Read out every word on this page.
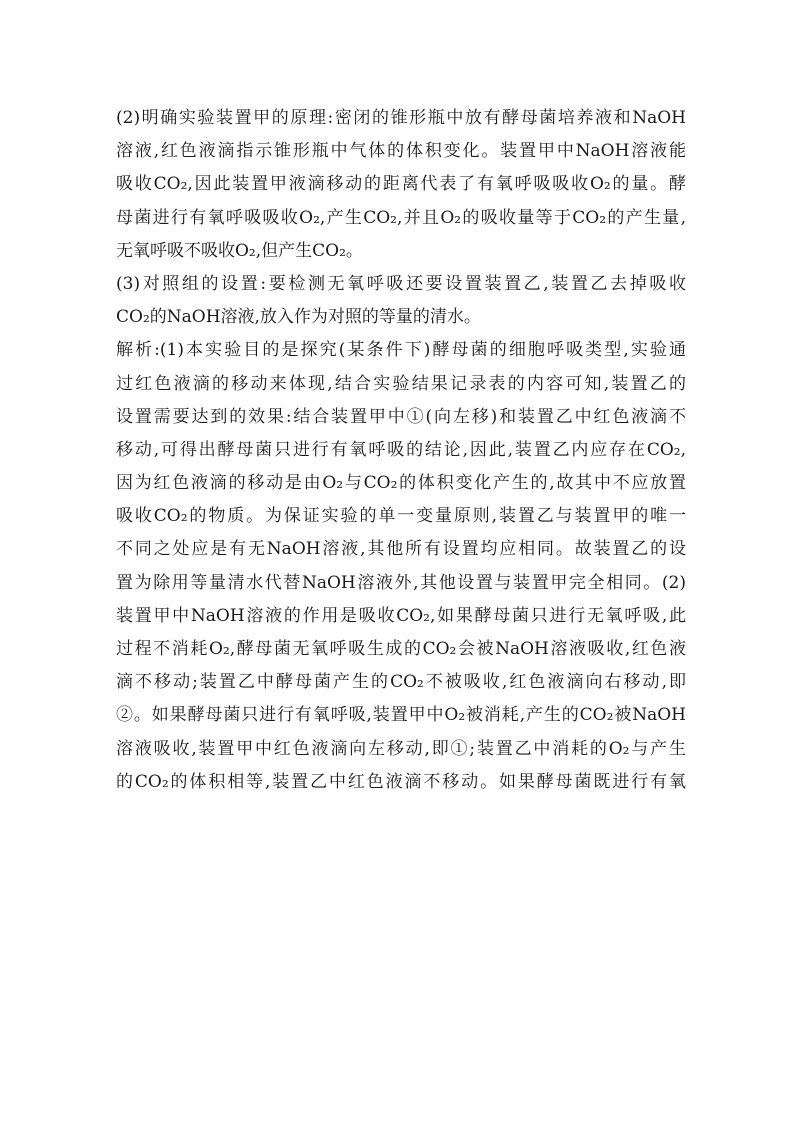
(2)明确实验装置甲的原理:密闭的锥形瓶中放有酵母菌培养液和NaOH
溶液,红色液滴指示锥形瓶中气体的体积变化。装置甲中NaOH溶液能
吸收CO₂,因此装置甲液滴移动的距离代表了有氧呼吸吸收O₂的量。酵
母菌进行有氧呼吸吸收O₂,产生CO₂,并且O₂的吸收量等于CO₂的产生量,
无氧呼吸不吸收O₂,但产生CO₂。
(3)对照组的设置:要检测无氧呼吸还要设置装置乙,装置乙去掉吸收
CO₂的NaOH溶液,放入作为对照的等量的清水。
解析:(1)本实验目的是探究(某条件下)酵母菌的细胞呼吸类型,实验通
过红色液滴的移动来体现,结合实验结果记录表的内容可知,装置乙的
设置需要达到的效果:结合装置甲中①(向左移)和装置乙中红色液滴不
移动,可得出酵母菌只进行有氧呼吸的结论,因此,装置乙内应存在CO₂,
因为红色液滴的移动是由O₂与CO₂的体积变化产生的,故其中不应放置
吸收CO₂的物质。为保证实验的单一变量原则,装置乙与装置甲的唯一
不同之处应是有无NaOH溶液,其他所有设置均应相同。故装置乙的设
置为除用等量清水代替NaOH溶液外,其他设置与装置甲完全相同。(2)
装置甲中NaOH溶液的作用是吸收CO₂,如果酵母菌只进行无氧呼吸,此
过程不消耗O₂,酵母菌无氧呼吸生成的CO₂会被NaOH溶液吸收,红色液
滴不移动;装置乙中酵母菌产生的CO₂不被吸收,红色液滴向右移动,即
②。如果酵母菌只进行有氧呼吸,装置甲中O₂被消耗,产生的CO₂被NaOH
溶液吸收,装置甲中红色液滴向左移动,即①;装置乙中消耗的O₂与产生
的CO₂的体积相等,装置乙中红色液滴不移动。如果酵母菌既进行有氧
